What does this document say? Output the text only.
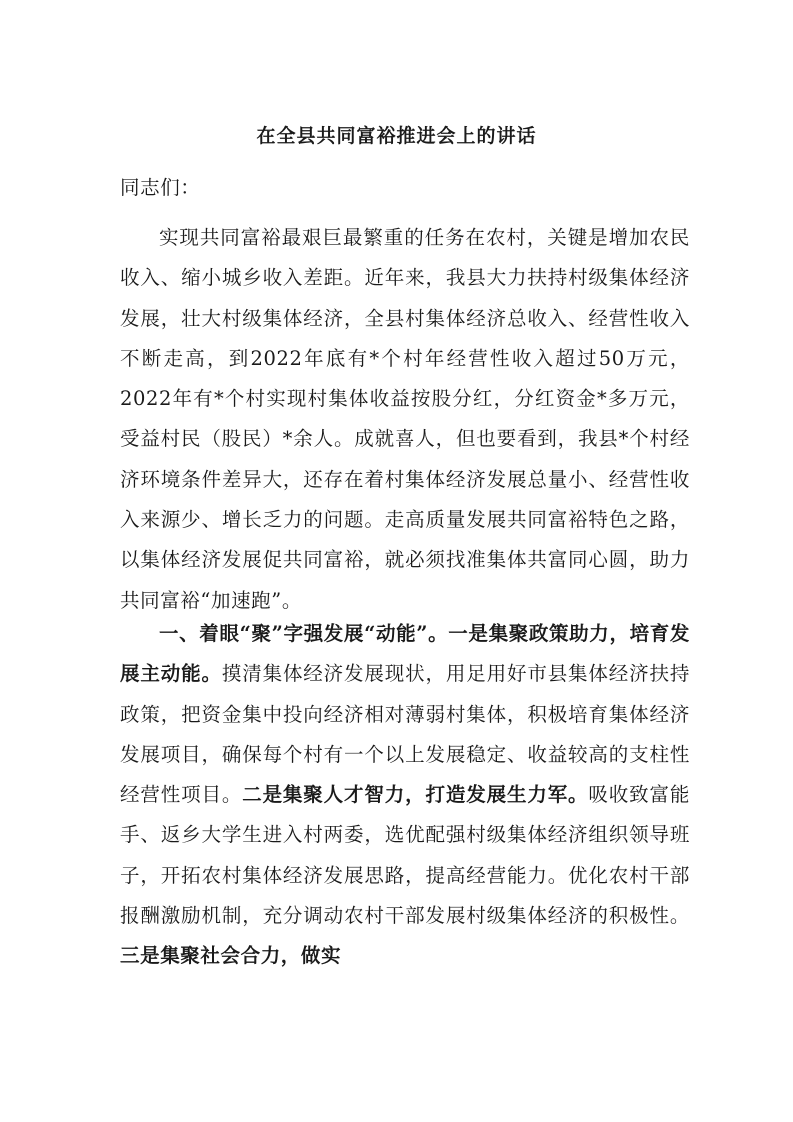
在全县共同富裕推进会上的讲话
同志们：
实现共同富裕最艰巨最繁重的任务在农村，关键是增加农民收入、缩小城乡收入差距。近年来，我县大力扶持村级集体经济发展，壮大村级集体经济，全县村集体经济总收入、经营性收入不断走高，到2022年底有*个村年经营性收入超过50万元，2022年有*个村实现村集体收益按股分红，分红资金*多万元，受益村民（股民）*余人。成就喜人，但也要看到，我县*个村经济环境条件差异大，还存在着村集体经济发展总量小、经营性收入来源少、增长乏力的问题。走高质量发展共同富裕特色之路，以集体经济发展促共同富裕，就必须找准集体共富同心圆，助力共同富裕“加速跑”。
一、着眼“聚”字强发展“动能”。一是集聚政策助力，培育发展主动能。摸清集体经济发展现状，用足用好市县集体经济扶持政策，把资金集中投向经济相对薄弱村集体，积极培育集体经济发展项目，确保每个村有一个以上发展稳定、收益较高的支柱性经营性项目。二是集聚人才智力，打造发展生力军。吸收致富能手、返乡大学生进入村两委，选优配强村级集体经济组织领导班子，开拓农村集体经济发展思路，提高经营能力。优化农村干部报酬激励机制，充分调动农村干部发展村级集体经济的积极性。三是集聚社会合力，做实
